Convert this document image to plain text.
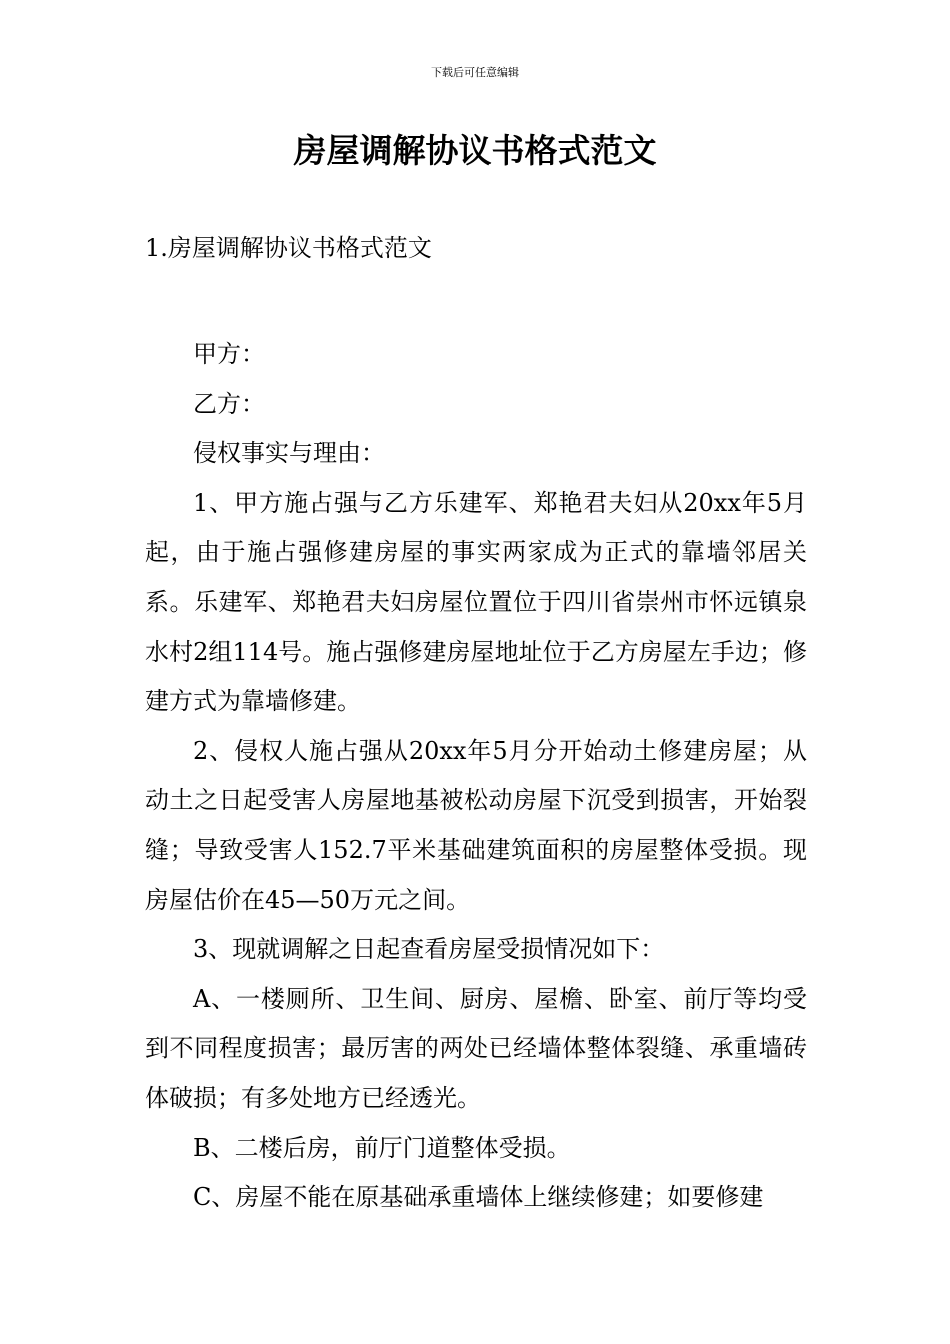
下载后可任意编辑
房屋调解协议书格式范文
1.房屋调解协议书格式范文

甲方：

乙方：

侵权事实与理由：

1、甲方施占强与乙方乐建军、郑艳君夫妇从20xx年5月起，由于施占强修建房屋的事实两家成为正式的靠墙邻居关系。乐建军、郑艳君夫妇房屋位置位于四川省崇州市怀远镇泉水村2组114号。施占强修建房屋地址位于乙方房屋左手边；修建方式为靠墙修建。

2、侵权人施占强从20xx年5月分开始动土修建房屋；从动土之日起受害人房屋地基被松动房屋下沉受到损害，开始裂缝；导致受害人152.7平米基础建筑面积的房屋整体受损。现房屋估价在45—50万元之间。

3、现就调解之日起查看房屋受损情况如下：

A、一楼厕所、卫生间、厨房、屋檐、卧室、前厅等均受到不同程度损害；最厉害的两处已经墙体整体裂缝、承重墙砖体破损；有多处地方已经透光。

B、二楼后房，前厅门道整体受损。

C、房屋不能在原基础承重墙体上继续修建；如要修建
